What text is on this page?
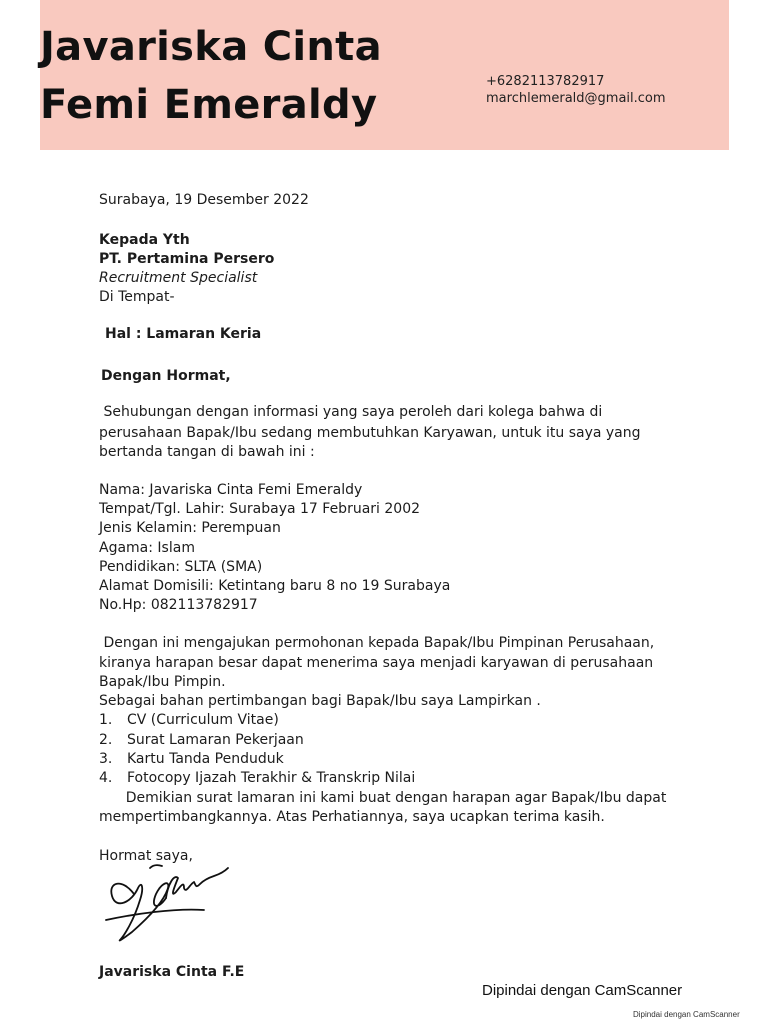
Javariska Cinta
Femi Emeraldy
+6282113782917
marchlemerald@gmail.com
Surabaya, 19 Desember 2022
Kepada Yth
PT. Pertamina Persero
Recruitment Specialist
Di Tempat-
Hal : Lamaran Keria
Dengan Hormat,
Sehubungan dengan informasi yang saya peroleh dari kolega bahwa di
perusahaan Bapak/Ibu sedang membutuhkan Karyawan, untuk itu saya yang
bertanda tangan di bawah ini :
Nama: Javariska Cinta Femi Emeraldy
Tempat/Tgl. Lahir: Surabaya 17 Februari 2002
Jenis Kelamin: Perempuan
Agama: Islam
Pendidikan: SLTA (SMA)
Alamat Domisili: Ketintang baru 8 no 19 Surabaya
No.Hp: 082113782917
Dengan ini mengajukan permohonan kepada Bapak/Ibu Pimpinan Perusahaan,
kiranya harapan besar dapat menerima saya menjadi karyawan di perusahaan
Bapak/Ibu Pimpin.
Sebagai bahan pertimbangan bagi Bapak/Ibu saya Lampirkan .
1. CV (Curriculum Vitae)
2. Surat Lamaran Pekerjaan
3. Kartu Tanda Penduduk
4. Fotocopy Ijazah Terakhir & Transkrip Nilai
Demikian surat lamaran ini kami buat dengan harapan agar Bapak/Ibu dapat
mempertimbangkannya. Atas Perhatiannya, saya ucapkan terima kasih.
Hormat saya,
Javariska Cinta F.E
Dipindai dengan CamScanner
Dipindai dengan CamScanner
